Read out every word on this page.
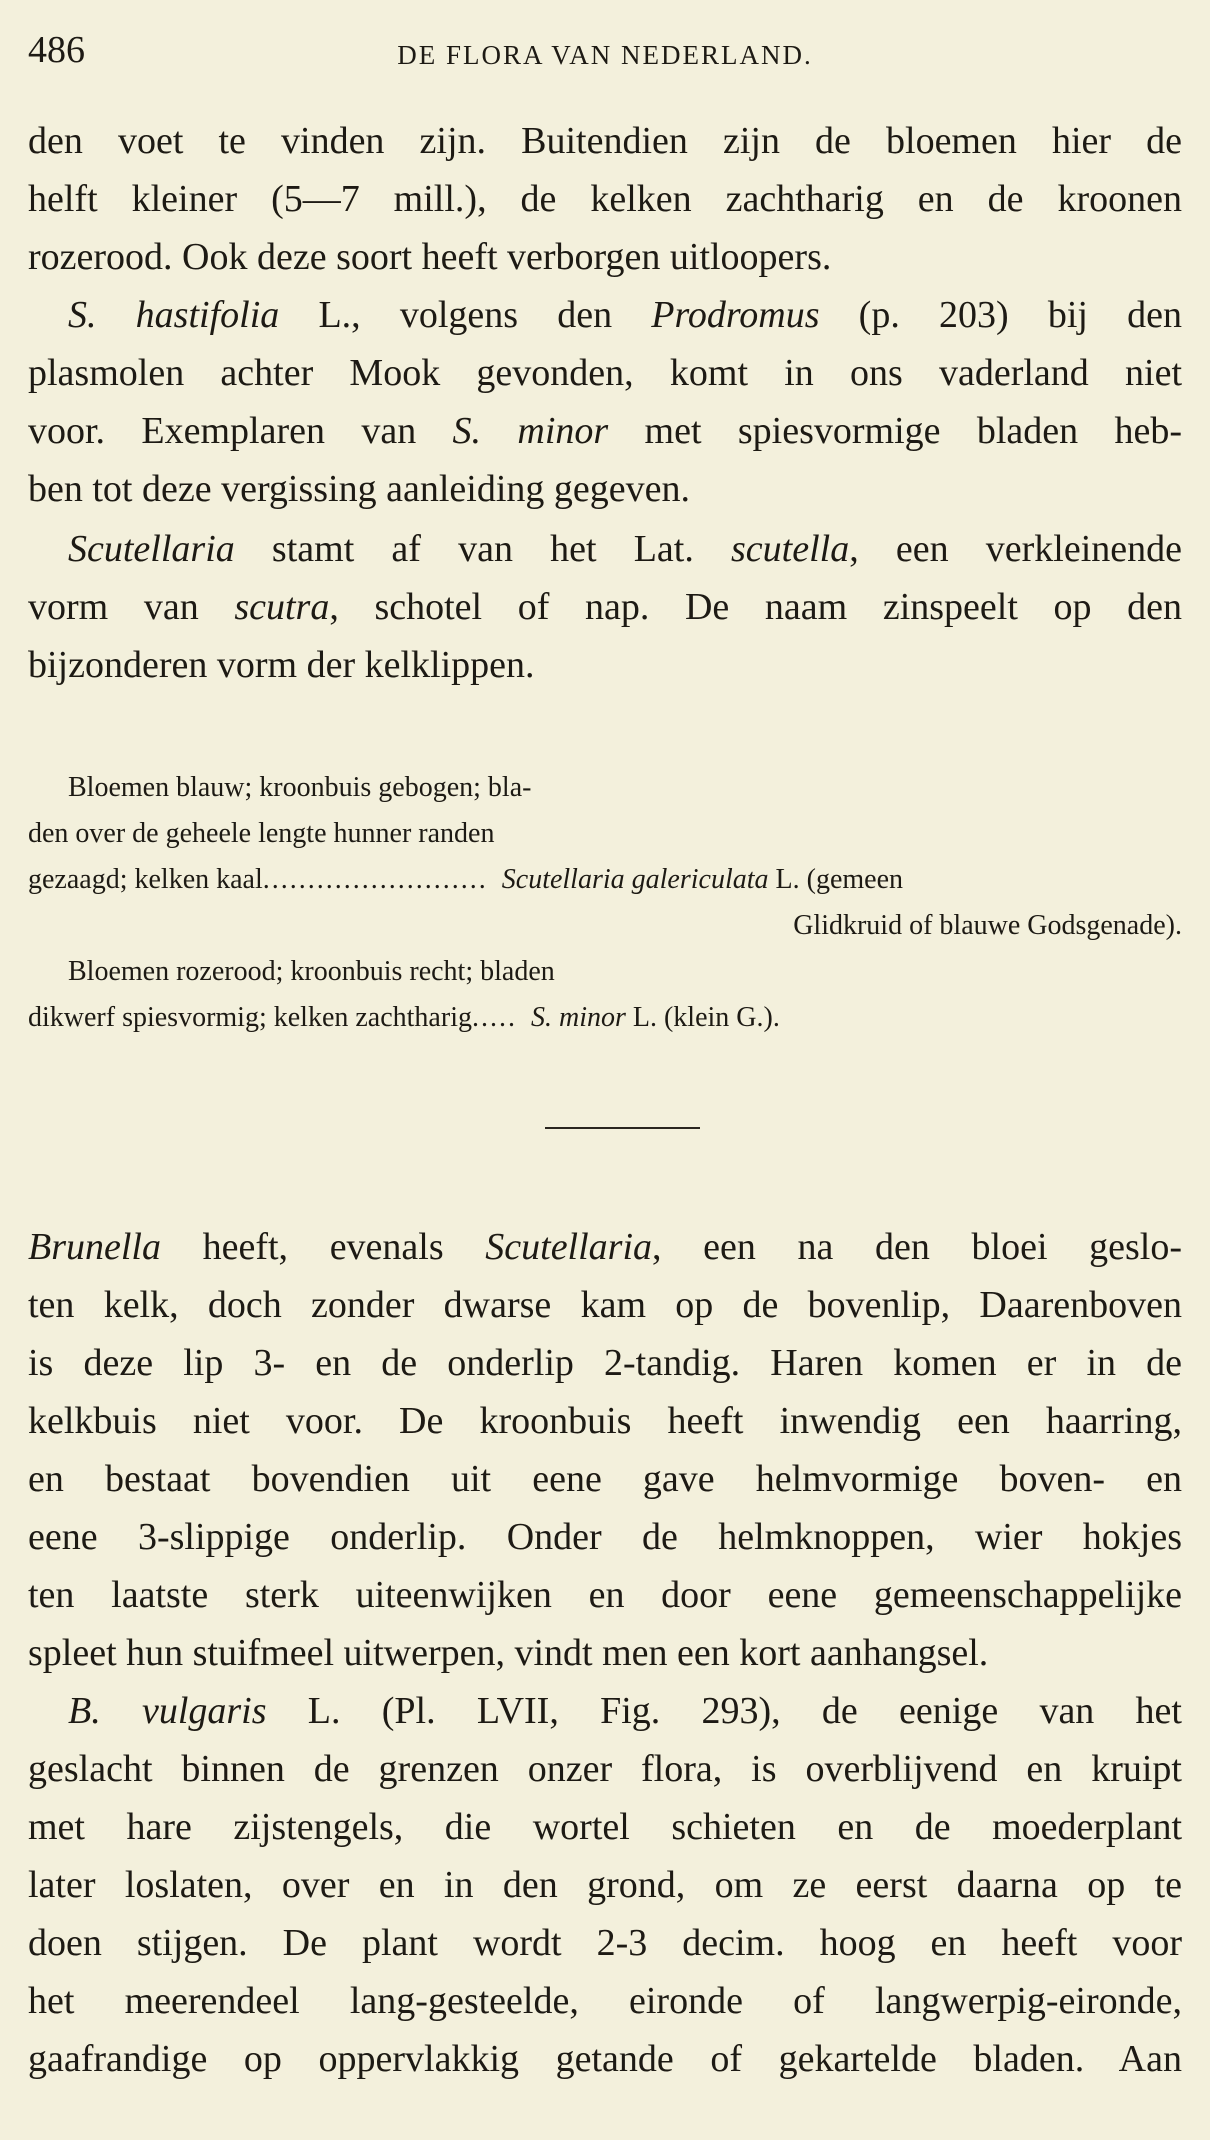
486	DE FLORA VAN NEDERLAND.
den voet te vinden zijn. Buitendien zijn de bloemen hier de
helft kleiner (5—7 mill.), de kelken zachtharig en de kroonen
rozerood. Ook deze soort heeft verborgen uitloopers.
S. hastifolia L., volgens den Prodromus (p. 203) bij den
plasmolen achter Mook gevonden, komt in ons vaderland niet
voor. Exemplaren van S. minor met spiesvormige bladen heb-
ben tot deze vergissing aanleiding gegeven.
Scutellaria stamt af van het Lat. scutella, een verkleinende
vorm van scutra, schotel of nap. De naam zinspeelt op den
bijzonderen vorm der kelklippen.
Bloemen blauw; kroonbuis gebogen; bla-
den over de geheele lengte hunner randen
gezaagd; kelken kaal......................... Scutellaria galericulata L. (gemeen
Glidkruid of blauwe Godsgenade).
Bloemen rozerood; kroonbuis recht; bladen
dikwerf spiesvormig; kelken zachtharig..... S. minor L. (klein G.).
Brunella heeft, evenals Scutellaria, een na den bloei geslo-
ten kelk, doch zonder dwarse kam op de bovenlip, Daarenboven
is deze lip 3- en de onderlip 2-tandig. Haren komen er in de
kelkbuis niet voor. De kroonbuis heeft inwendig een haarring,
en bestaat bovendien uit eene gave helmvormige boven- en
eene 3-slippige onderlip. Onder de helmknoppen, wier hokjes
ten laatste sterk uiteenwijken en door eene gemeenschappelijke
spleet hun stuifmeel uitwerpen, vindt men een kort aanhangsel.
B. vulgaris L. (Pl. LVII, Fig. 293), de eenige van het
geslacht binnen de grenzen onzer flora, is overblijvend en kruipt
met hare zijstengels, die wortel schieten en de moederplant
later loslaten, over en in den grond, om ze eerst daarna op te
doen stijgen. De plant wordt 2-3 decim. hoog en heeft voor
het meerendeel lang-gesteelde, eironde of langwerpig-eironde,
gaafrandige op oppervlakkig getande of gekartelde bladen. Aan
